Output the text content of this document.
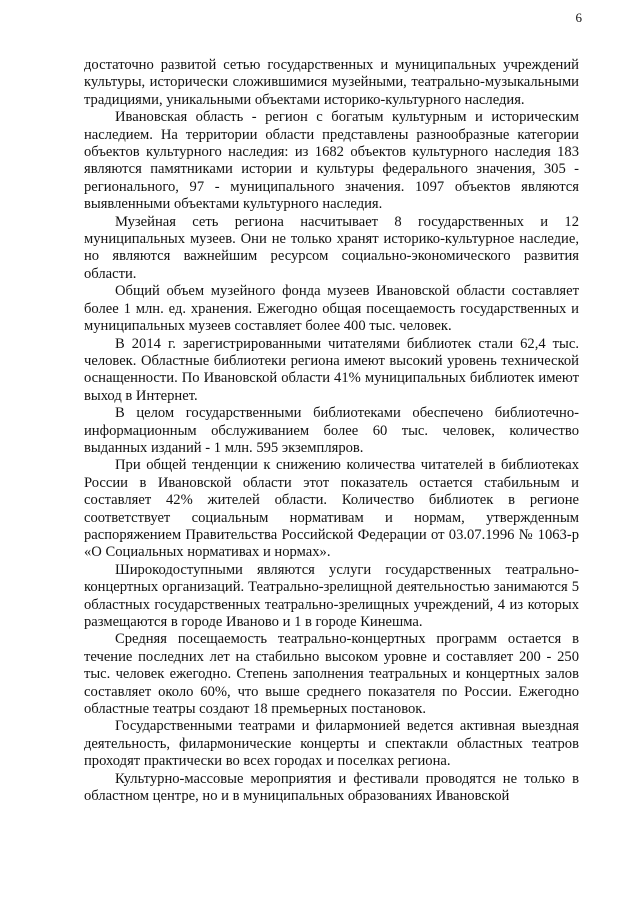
6

достаточно развитой сетью государственных и муниципальных учреждений культуры, исторически сложившимися музейными, театрально-музыкальными традициями, уникальными объектами историко-культурного наследия.

Ивановская область - регион с богатым культурным и историческим наследием. На территории области представлены разнообразные категории объектов культурного наследия: из 1682 объектов культурного наследия 183 являются памятниками истории и культуры федерального значения, 305 - регионального, 97 - муниципального значения. 1097 объектов являются выявленными объектами культурного наследия.

Музейная сеть региона насчитывает 8 государственных и 12 муниципальных музеев. Они не только хранят историко-культурное наследие, но являются важнейшим ресурсом социально-экономического развития области.

Общий объем музейного фонда музеев Ивановской области составляет более 1 млн. ед. хранения. Ежегодно общая посещаемость государственных и муниципальных музеев составляет более 400 тыс. человек.

В 2014 г. зарегистрированными читателями библиотек стали 62,4 тыс. человек. Областные библиотеки региона имеют высокий уровень технической оснащенности. По Ивановской области 41% муниципальных библиотек имеют выход в Интернет.

В целом государственными библиотеками обеспечено библиотечно-информационным обслуживанием более 60 тыс. человек, количество выданных изданий - 1 млн. 595 экземпляров.

При общей тенденции к снижению количества читателей в библиотеках России в Ивановской области этот показатель остается стабильным и составляет 42% жителей области. Количество библиотек в регионе соответствует социальным нормативам и нормам, утвержденным распоряжением Правительства Российской Федерации от 03.07.1996 № 1063-р «О Социальных нормативах и нормах».

Широкодоступными являются услуги государственных театрально-концертных организаций. Театрально-зрелищной деятельностью занимаются 5 областных государственных театрально-зрелищных учреждений, 4 из которых размещаются в городе Иваново и 1 в городе Кинешма.

Средняя посещаемость театрально-концертных программ остается в течение последних лет на стабильно высоком уровне и составляет 200 - 250 тыс. человек ежегодно. Степень заполнения театральных и концертных залов составляет около 60%, что выше среднего показателя по России. Ежегодно областные театры создают 18 премьерных постановок.

Государственными театрами и филармонией ведется активная выездная деятельность, филармонические концерты и спектакли областных театров проходят практически во всех городах и поселках региона.

Культурно-массовые мероприятия и фестивали проводятся не только в областном центре, но и в муниципальных образованиях Ивановской
